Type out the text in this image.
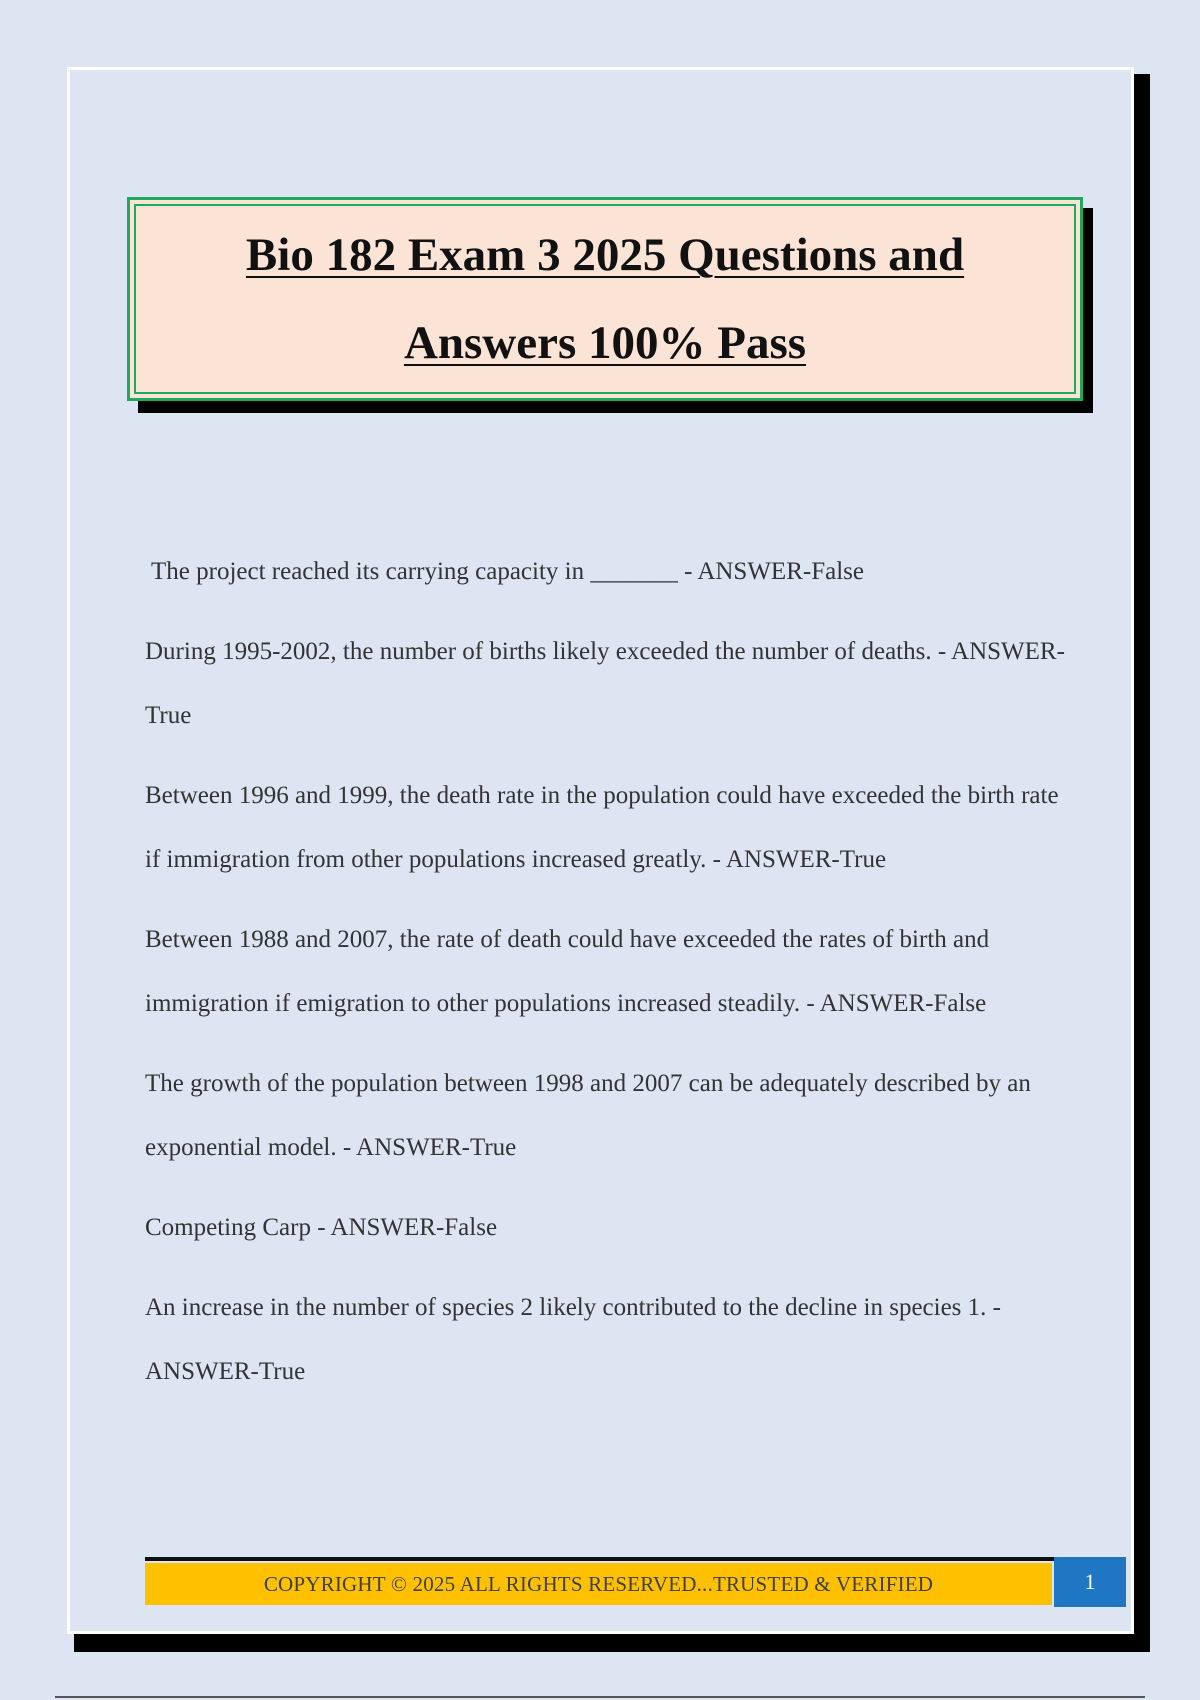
Bio 182 Exam 3 2025 Questions and
Answers 100% Pass

The project reached its carrying capacity in _______ - ANSWER-False

During 1995-2002, the number of births likely exceeded the number of deaths. - ANSWER-True

Between 1996 and 1999, the death rate in the population could have exceeded the birth rate if immigration from other populations increased greatly. - ANSWER-True

Between 1988 and 2007, the rate of death could have exceeded the rates of birth and immigration if emigration to other populations increased steadily. - ANSWER-False

The growth of the population between 1998 and 2007 can be adequately described by an exponential model. - ANSWER-True

Competing Carp - ANSWER-False

An increase in the number of species 2 likely contributed to the decline in species 1. - ANSWER-True

COPYRIGHT © 2025 ALL RIGHTS RESERVED...TRUSTED & VERIFIED	1
